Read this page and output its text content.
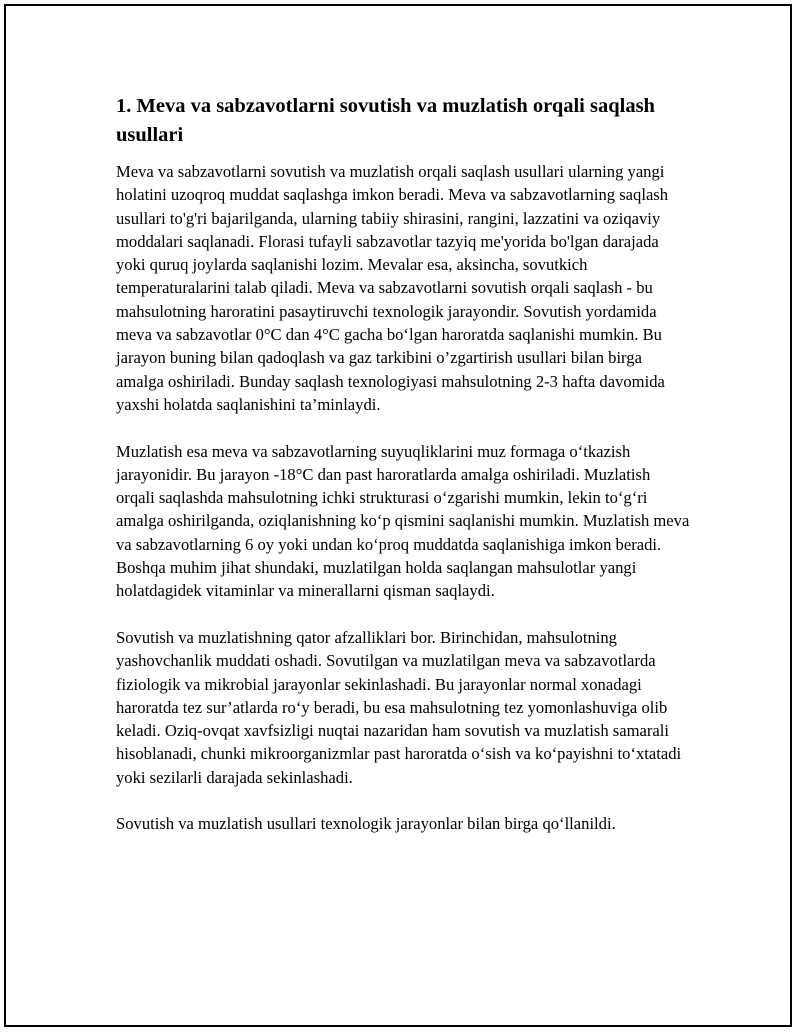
1. Meva va sabzavotlarni sovutish va muzlatish orqali saqlash usullari

Meva va sabzavotlarni sovutish va muzlatish orqali saqlash usullari ularning yangi holatini uzoqroq muddat saqlashga imkon beradi. Meva va sabzavotlarning saqlash usullari to'g'ri bajarilganda, ularning tabiiy shirasini, rangini, lazzatini va oziqaviy moddalari saqlanadi. Florasi tufayli sabzavotlar tazyiq me'yorida bo'lgan darajada yoki quruq joylarda saqlanishi lozim. Mevalar esa, aksincha, sovutkich temperaturalarini talab qiladi. Meva va sabzavotlarni sovutish orqali saqlash - bu mahsulotning haroratini pasaytiruvchi texnologik jarayondir. Sovutish yordamida meva va sabzavotlar 0°C dan 4°C gacha bo‘lgan haroratda saqlanishi mumkin. Bu jarayon buning bilan qadoqlash va gaz tarkibini o’zgartirish usullari bilan birga amalga oshiriladi. Bunday saqlash texnologiyasi mahsulotning 2-3 hafta davomida yaxshi holatda saqlanishini ta’minlaydi.

Muzlatish esa meva va sabzavotlarning suyuqliklarini muz formaga o‘tkazish jarayonidir. Bu jarayon -18°C dan past haroratlarda amalga oshiriladi. Muzlatish orqali saqlashda mahsulotning ichki strukturasi o‘zgarishi mumkin, lekin to‘g‘ri amalga oshirilganda, oziqlanishning ko‘p qismini saqlanishi mumkin. Muzlatish meva va sabzavotlarning 6 oy yoki undan ko‘proq muddatda saqlanishiga imkon beradi. Boshqa muhim jihat shundaki, muzlatilgan holda saqlangan mahsulotlar yangi holatdagidek vitaminlar va minerallarni qisman saqlaydi.

Sovutish va muzlatishning qator afzalliklari bor. Birinchidan, mahsulotning yashovchanlik muddati oshadi. Sovutilgan va muzlatilgan meva va sabzavotlarda fiziologik va mikrobial jarayonlar sekinlashadi. Bu jarayonlar normal xonadagi haroratda tez sur’atlarda ro‘y beradi, bu esa mahsulotning tez yomonlashuviga olib keladi. Oziq-ovqat xavfsizligi nuqtai nazaridan ham sovutish va muzlatish samarali hisoblanadi, chunki mikroorganizmlar past haroratda o‘sish va ko‘payishni to‘xtatadi yoki sezilarli darajada sekinlashadi.

Sovutish va muzlatish usullari texnologik jarayonlar bilan birga qo‘llanildi.
